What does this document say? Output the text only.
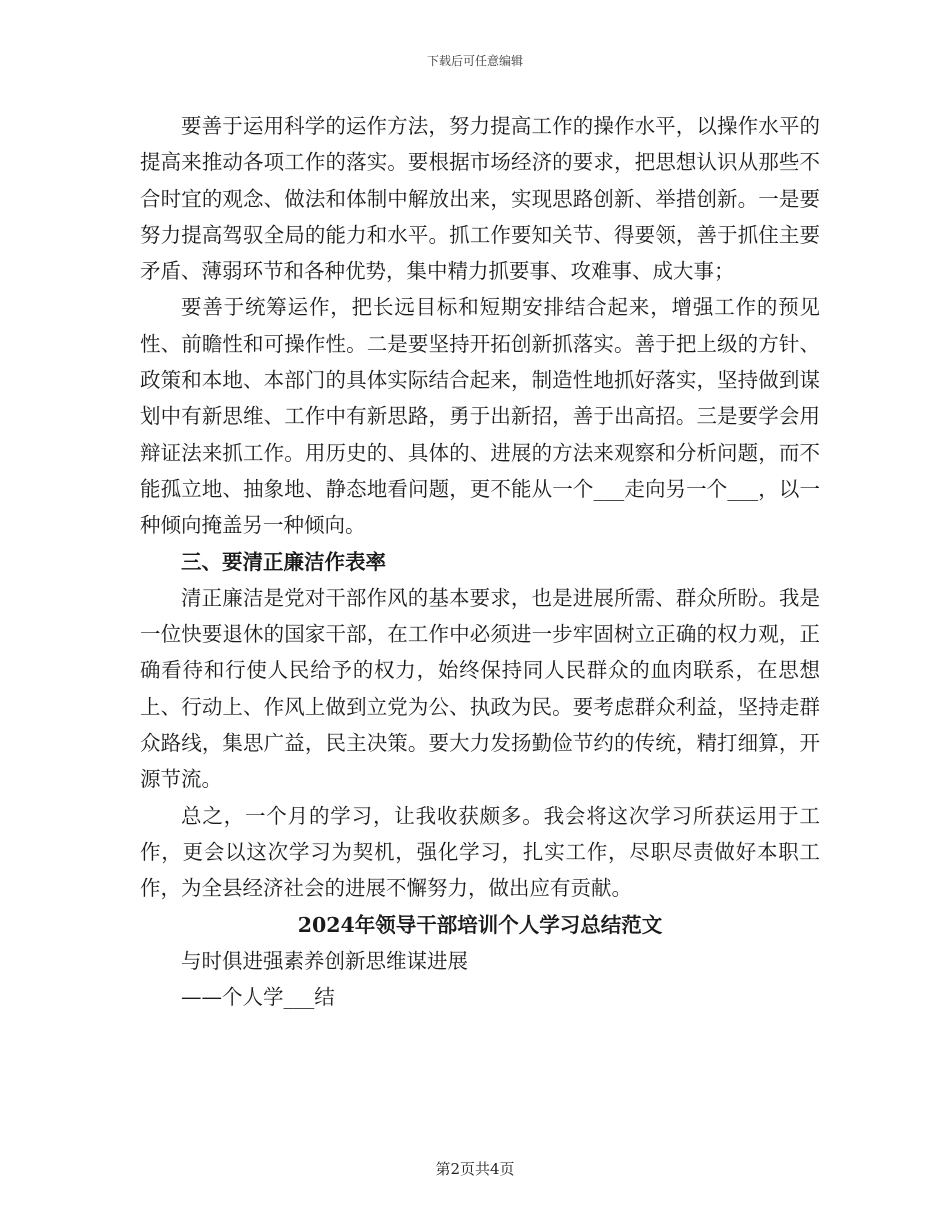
下载后可任意编辑

要善于运用科学的运作方法，努力提高工作的操作水平，以操作水平的提高来推动各项工作的落实。要根据市场经济的要求，把思想认识从那些不合时宜的观念、做法和体制中解放出来，实现思路创新、举措创新。一是要努力提高驾驭全局的能力和水平。抓工作要知关节、得要领，善于抓住主要矛盾、薄弱环节和各种优势，集中精力抓要事、攻难事、成大事；

要善于统筹运作，把长远目标和短期安排结合起来，增强工作的预见性、前瞻性和可操作性。二是要坚持开拓创新抓落实。善于把上级的方针、政策和本地、本部门的具体实际结合起来，制造性地抓好落实，坚持做到谋划中有新思维、工作中有新思路，勇于出新招，善于出高招。三是要学会用辩证法来抓工作。用历史的、具体的、进展的方法来观察和分析问题，而不能孤立地、抽象地、静态地看问题，更不能从一个___走向另一个___，以一种倾向掩盖另一种倾向。

三、要清正廉洁作表率

清正廉洁是党对干部作风的基本要求，也是进展所需、群众所盼。我是一位快要退休的国家干部，在工作中必须进一步牢固树立正确的权力观，正确看待和行使人民给予的权力，始终保持同人民群众的血肉联系，在思想上、行动上、作风上做到立党为公、执政为民。要考虑群众利益，坚持走群众路线，集思广益，民主决策。要大力发扬勤俭节约的传统，精打细算，开源节流。

总之，一个月的学习，让我收获颇多。我会将这次学习所获运用于工作，更会以这次学习为契机，强化学习，扎实工作，尽职尽责做好本职工作，为全县经济社会的进展不懈努力，做出应有贡献。

2024年领导干部培训个人学习总结范文

与时俱进强素养创新思维谋进展

——个人学___结

第2页共4页
